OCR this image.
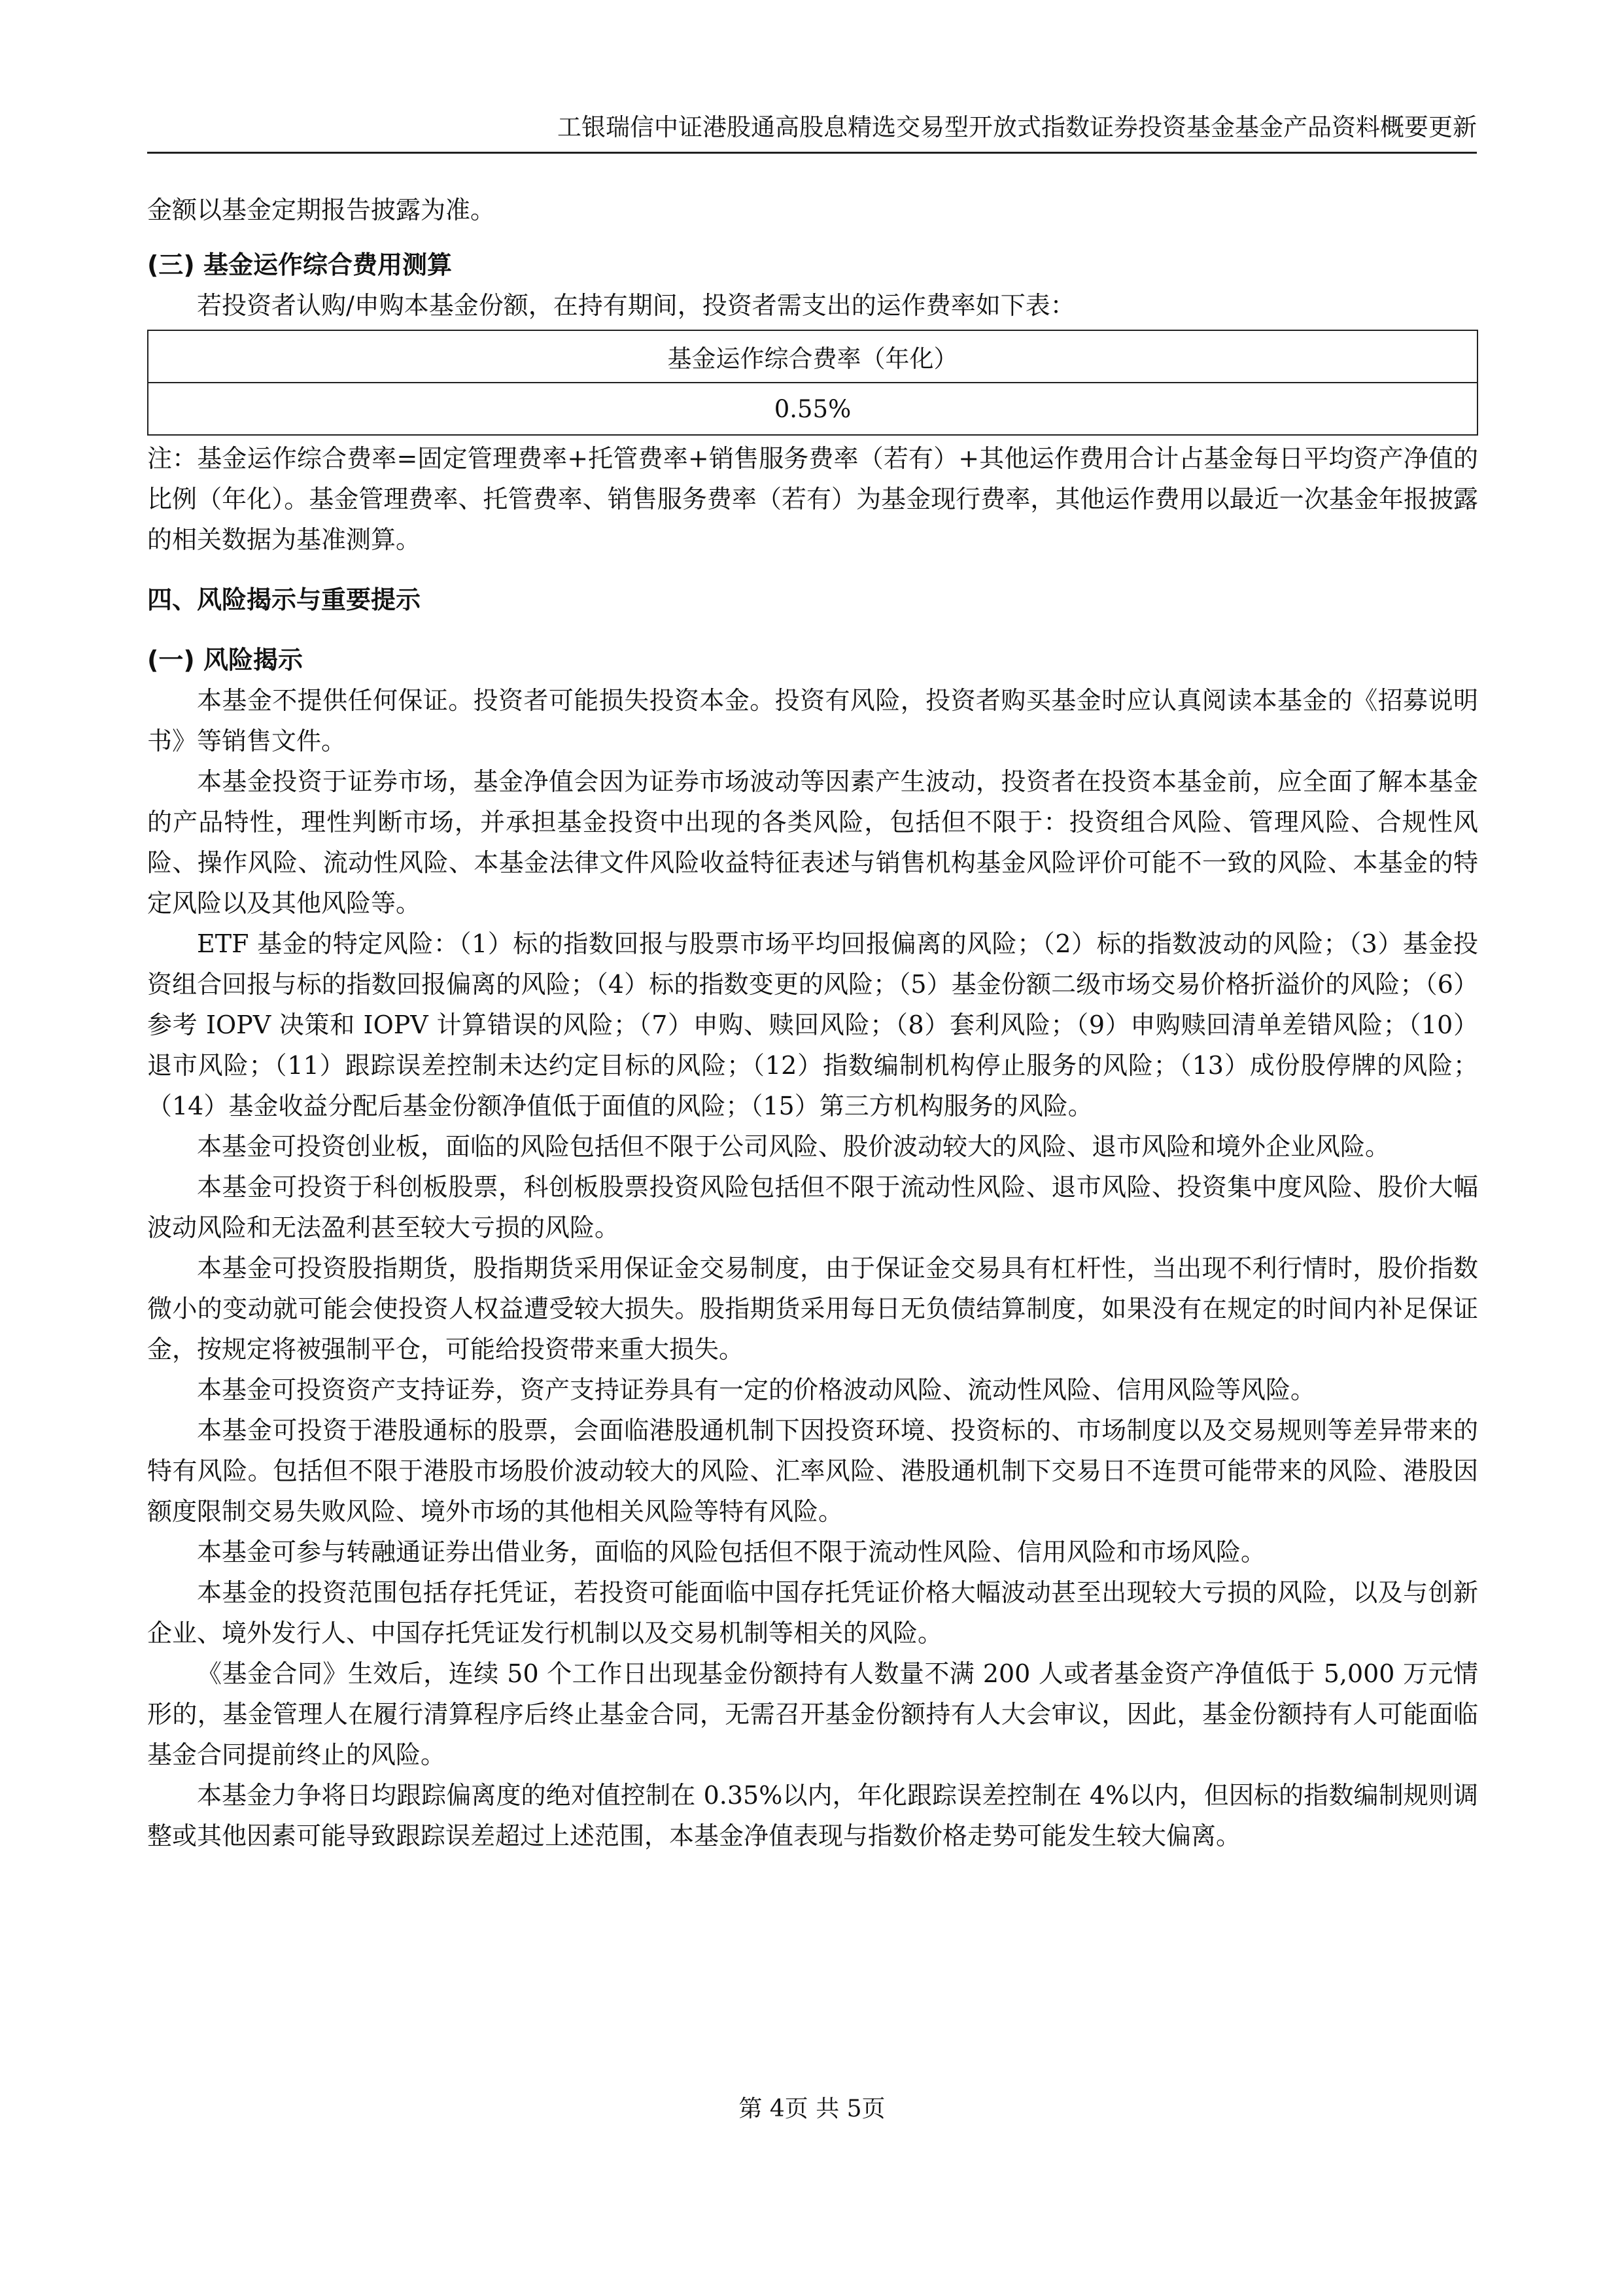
工银瑞信中证港股通高股息精选交易型开放式指数证券投资基金基金产品资料概要更新

金额以基金定期报告披露为准。

(三) 基金运作综合费用测算

若投资者认购/申购本基金份额，在持有期间，投资者需支出的运作费率如下表：

基金运作综合费率（年化）
0.55%

注：基金运作综合费率=固定管理费率+托管费率+销售服务费率（若有）+其他运作费用合计占基金每日平均资产净值的比例（年化）。基金管理费率、托管费率、销售服务费率（若有）为基金现行费率，其他运作费用以最近一次基金年报披露的相关数据为基准测算。

四、风险揭示与重要提示

(一) 风险揭示

本基金不提供任何保证。投资者可能损失投资本金。投资有风险，投资者购买基金时应认真阅读本基金的《招募说明书》等销售文件。

本基金投资于证券市场，基金净值会因为证券市场波动等因素产生波动，投资者在投资本基金前，应全面了解本基金的产品特性，理性判断市场，并承担基金投资中出现的各类风险，包括但不限于：投资组合风险、管理风险、合规性风险、操作风险、流动性风险、本基金法律文件风险收益特征表述与销售机构基金风险评价可能不一致的风险、本基金的特定风险以及其他风险等。

ETF 基金的特定风险：（1）标的指数回报与股票市场平均回报偏离的风险；（2）标的指数波动的风险；（3）基金投资组合回报与标的指数回报偏离的风险；（4）标的指数变更的风险；（5）基金份额二级市场交易价格折溢价的风险；（6）参考 IOPV 决策和 IOPV 计算错误的风险；（7）申购、赎回风险；（8）套利风险；（9）申购赎回清单差错风险；（10）退市风险；（11）跟踪误差控制未达约定目标的风险；（12）指数编制机构停止服务的风险；（13）成份股停牌的风险；（14）基金收益分配后基金份额净值低于面值的风险；（15）第三方机构服务的风险。

本基金可投资创业板，面临的风险包括但不限于公司风险、股价波动较大的风险、退市风险和境外企业风险。

本基金可投资于科创板股票，科创板股票投资风险包括但不限于流动性风险、退市风险、投资集中度风险、股价大幅波动风险和无法盈利甚至较大亏损的风险。

本基金可投资股指期货，股指期货采用保证金交易制度，由于保证金交易具有杠杆性，当出现不利行情时，股价指数微小的变动就可能会使投资人权益遭受较大损失。股指期货采用每日无负债结算制度，如果没有在规定的时间内补足保证金，按规定将被强制平仓，可能给投资带来重大损失。

本基金可投资资产支持证券，资产支持证券具有一定的价格波动风险、流动性风险、信用风险等风险。

本基金可投资于港股通标的股票，会面临港股通机制下因投资环境、投资标的、市场制度以及交易规则等差异带来的特有风险。包括但不限于港股市场股价波动较大的风险、汇率风险、港股通机制下交易日不连贯可能带来的风险、港股因额度限制交易失败风险、境外市场的其他相关风险等特有风险。

本基金可参与转融通证券出借业务，面临的风险包括但不限于流动性风险、信用风险和市场风险。

本基金的投资范围包括存托凭证，若投资可能面临中国存托凭证价格大幅波动甚至出现较大亏损的风险，以及与创新企业、境外发行人、中国存托凭证发行机制以及交易机制等相关的风险。

《基金合同》生效后，连续 50 个工作日出现基金份额持有人数量不满 200 人或者基金资产净值低于 5,000 万元情形的，基金管理人在履行清算程序后终止基金合同，无需召开基金份额持有人大会审议，因此，基金份额持有人可能面临基金合同提前终止的风险。

本基金力争将日均跟踪偏离度的绝对值控制在 0.35%以内，年化跟踪误差控制在 4%以内，但因标的指数编制规则调整或其他因素可能导致跟踪误差超过上述范围，本基金净值表现与指数价格走势可能发生较大偏离。

第 4页 共 5页
